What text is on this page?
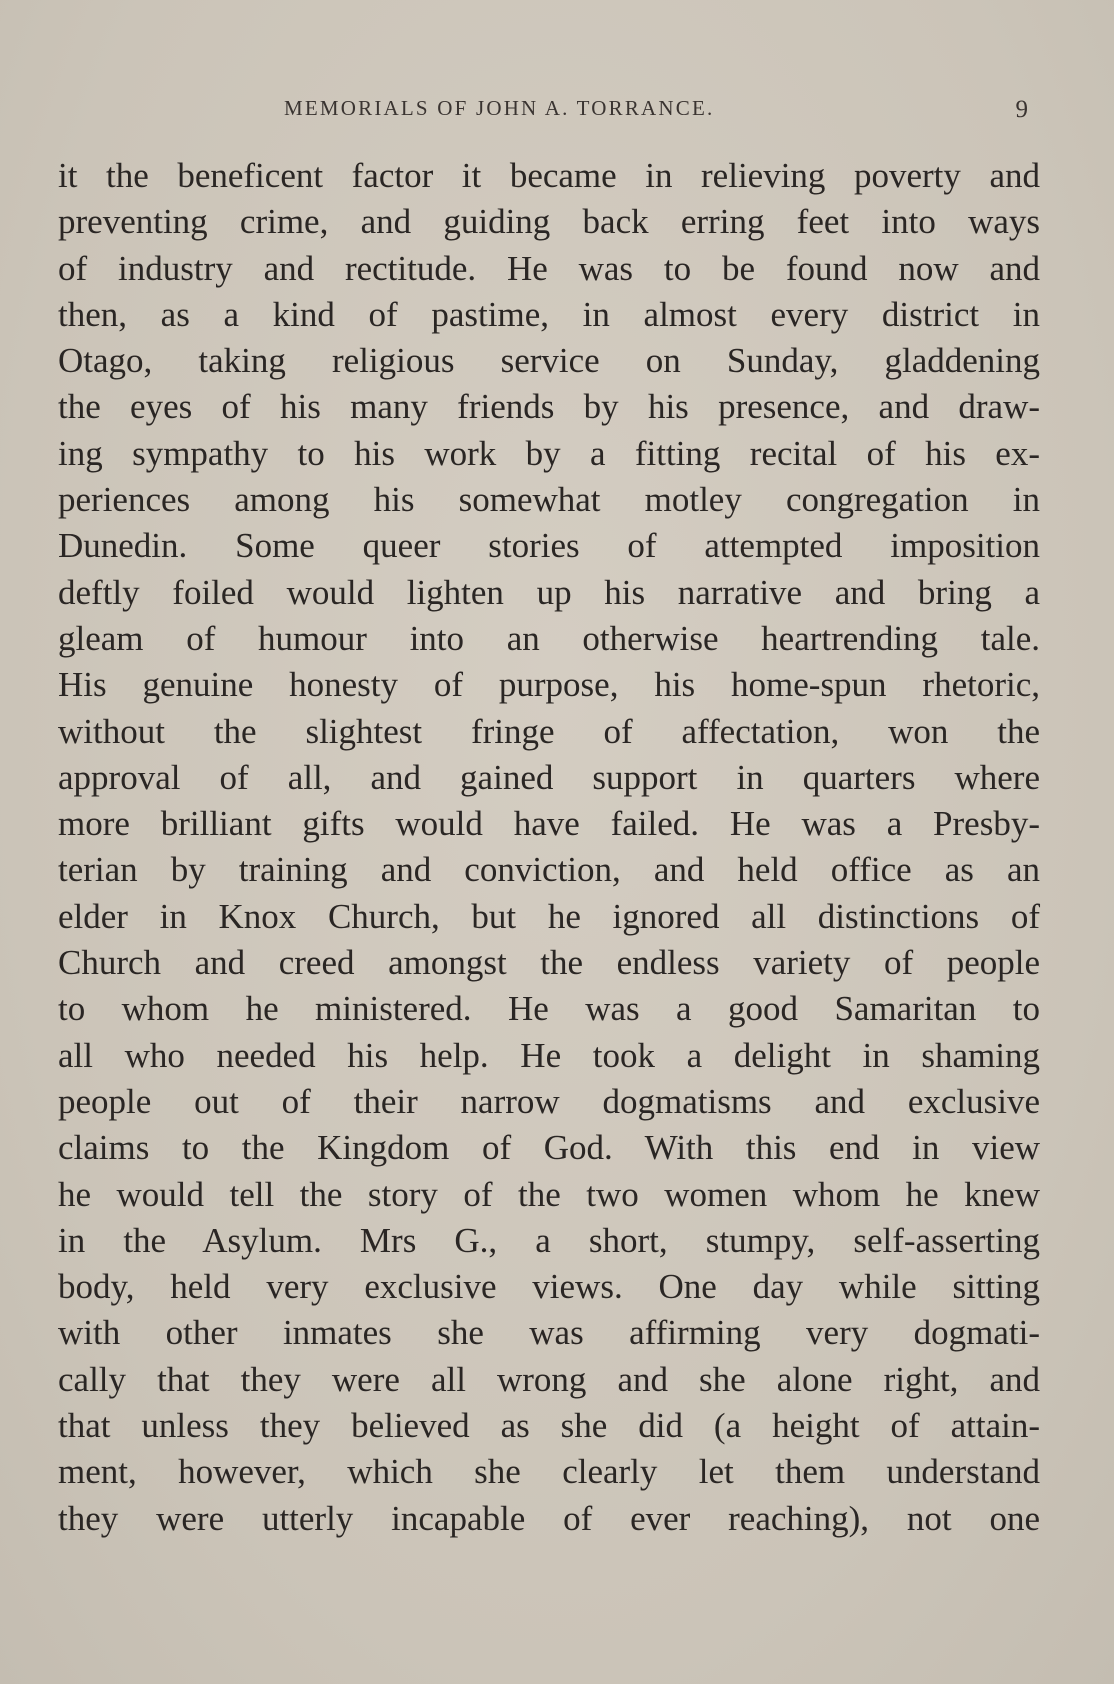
MEMORIALS OF JOHN A. TORRANCE.	9
it the beneficent factor it became in relieving poverty and
preventing crime, and guiding back erring feet into ways
of industry and rectitude. He was to be found now and
then, as a kind of pastime, in almost every district in
Otago, taking religious service on Sunday, gladdening
the eyes of his many friends by his presence, and draw-
ing sympathy to his work by a fitting recital of his ex-
periences among his somewhat motley congregation in
Dunedin. Some queer stories of attempted imposition
deftly foiled would lighten up his narrative and bring a
gleam of humour into an otherwise heartrending tale.
His genuine honesty of purpose, his home-spun rhetoric,
without the slightest fringe of affectation, won the
approval of all, and gained support in quarters where
more brilliant gifts would have failed. He was a Presby-
terian by training and conviction, and held office as an
elder in Knox Church, but he ignored all distinctions of
Church and creed amongst the endless variety of people
to whom he ministered. He was a good Samaritan to
all who needed his help. He took a delight in shaming
people out of their narrow dogmatisms and exclusive
claims to the Kingdom of God. With this end in view
he would tell the story of the two women whom he knew
in the Asylum. Mrs G., a short, stumpy, self-asserting
body, held very exclusive views. One day while sitting
with other inmates she was affirming very dogmati-
cally that they were all wrong and she alone right, and
that unless they believed as she did (a height of attain-
ment, however, which she clearly let them understand
they were utterly incapable of ever reaching), not one
